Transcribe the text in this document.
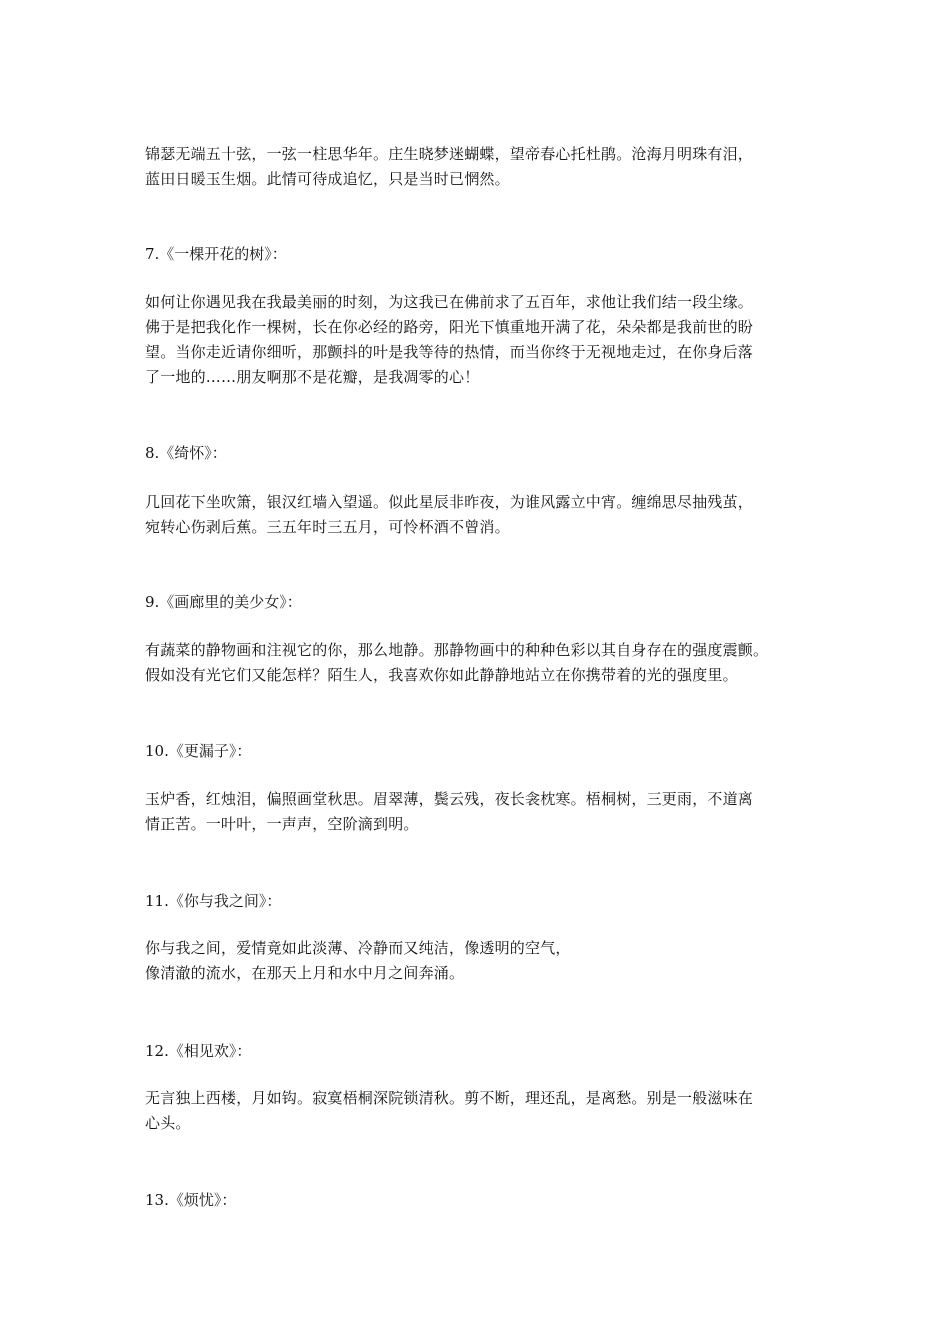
锦瑟无端五十弦，一弦一柱思华年。庄生晓梦迷蝴蝶，望帝春心托杜鹃。沧海月明珠有泪，
蓝田日暖玉生烟。此情可待成追忆，只是当时已惘然。
7.《一棵开花的树》：
如何让你遇见我在我最美丽的时刻，为这我已在佛前求了五百年，求他让我们结一段尘缘。
佛于是把我化作一棵树，长在你必经的路旁，阳光下慎重地开满了花，朵朵都是我前世的盼
望。当你走近请你细听，那颤抖的叶是我等待的热情，而当你终于无视地走过，在你身后落
了一地的……朋友啊那不是花瓣，是我凋零的心！
8.《绮怀》：
几回花下坐吹箫，银汉红墙入望遥。似此星辰非昨夜，为谁风露立中宵。缠绵思尽抽残茧，
宛转心伤剥后蕉。三五年时三五月，可怜杯酒不曾消。
9.《画廊里的美少女》：
有蔬菜的静物画和注视它的你，那么地静。那静物画中的种种色彩以其自身存在的强度震颤。
假如没有光它们又能怎样？陌生人，我喜欢你如此静静地站立在你携带着的光的强度里。
10.《更漏子》：
玉炉香，红烛泪，偏照画堂秋思。眉翠薄，鬓云残，夜长衾枕寒。梧桐树，三更雨，不道离
情正苦。一叶叶，一声声，空阶滴到明。
11.《你与我之间》：
你与我之间，爱情竟如此淡薄、冷静而又纯洁，像透明的空气，
像清澈的流水，在那天上月和水中月之间奔涌。
12.《相见欢》：
无言独上西楼，月如钩。寂寞梧桐深院锁清秋。剪不断，理还乱，是离愁。别是一般滋味在
心头。
13.《烦忧》：
